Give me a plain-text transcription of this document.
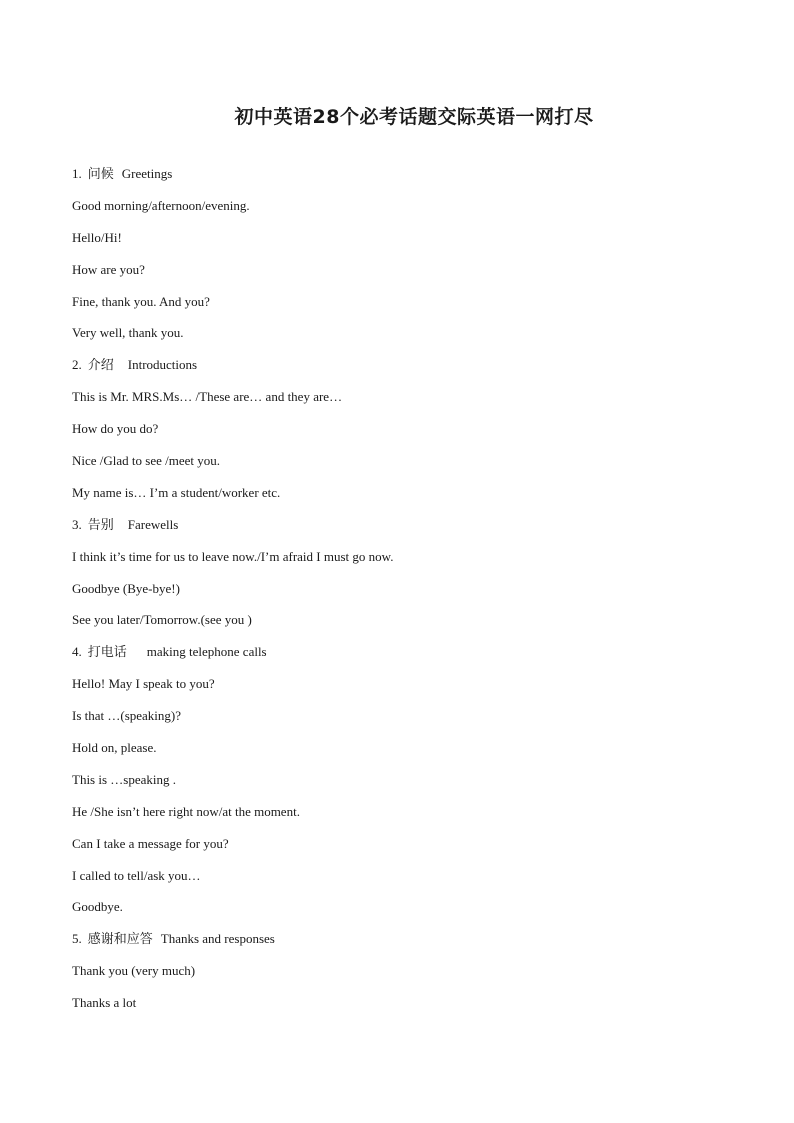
初中英语28个必考话题交际英语一网打尽
1. 问候 Greetings
Good morning/afternoon/evening.
Hello/Hi!
How are you?
Fine, thank you. And you?
Very well, thank you.
2. 介绍 Introductions
This is Mr. MRS.Ms… /These are… and they are…
How do you do?
Nice /Glad to see /meet you.
My name is… I’m a student/worker etc.
3. 告别 Farewells
I think it’s time for us to leave now./I’m afraid I must go now.
Goodbye (Bye-bye!)
See you later/Tomorrow.(see you )
4. 打电话 making telephone calls
Hello! May I speak to you?
Is that …(speaking)?
Hold on, please.
This is …speaking .
He /She isn’t here right now/at the moment.
Can I take a message for you?
I called to tell/ask you…
Goodbye.
5. 感谢和应答 Thanks and responses
Thank you (very much)
Thanks a lot
